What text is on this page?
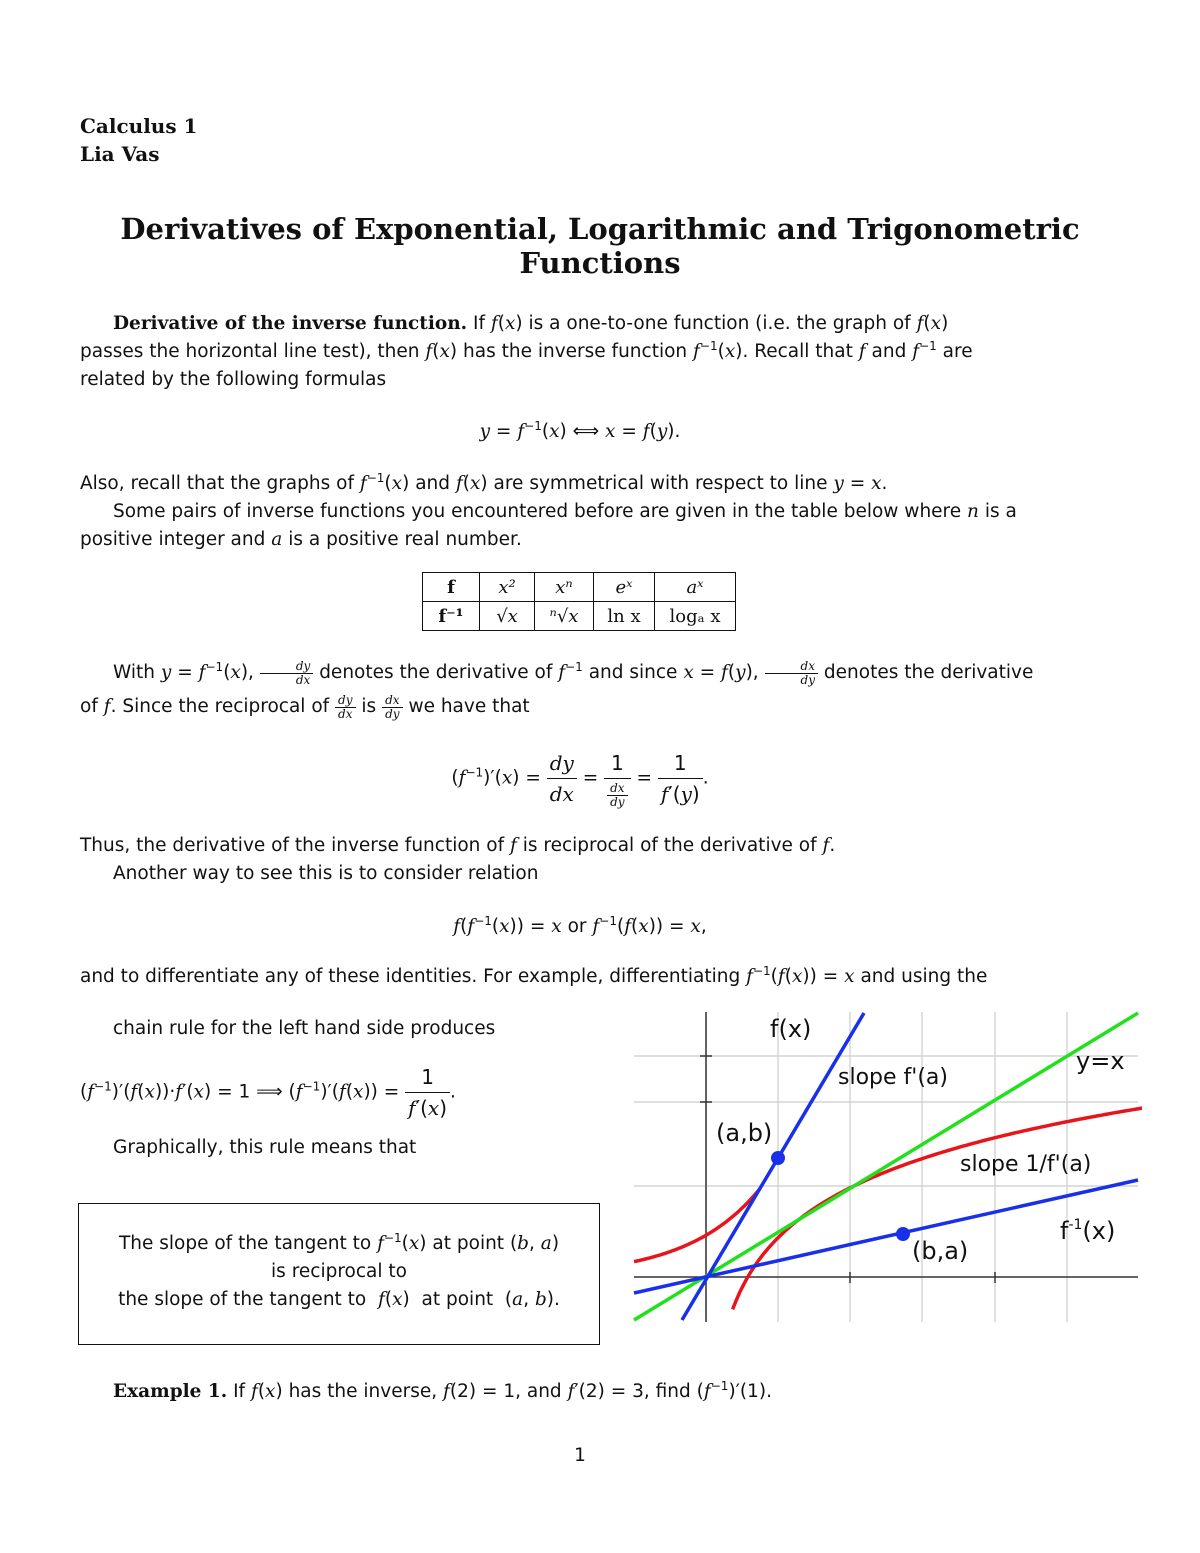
Calculus 1
Lia Vas
Derivatives of Exponential, Logarithmic and Trigonometric
Functions
Derivative of the inverse function. If f(x) is a one-to-one function (i.e. the graph of f(x)
passes the horizontal line test), then f(x) has the inverse function $f^{-1}(x)$. Recall that f and $f^{-1}$ are
related by the following formulas
$y = f^{-1}(x)$ ⟺ x = f(y).
Also, recall that the graphs of $f^{-1}(x)$ and f(x) are symmetrical with respect to line y = x.
Some pairs of inverse functions you encountered before are given in the table below where n is a
positive integer and a is a positive real number.
f	x²	xⁿ	eˣ	aˣ
f⁻¹	√x	ⁿ√x	ln x	logₐ x
With $y = f^{-1}(x)$, $\frac{dy}{dx}$ denotes the derivative of $f^{-1}$ and since x = f(y), $\frac{dx}{dy}$ denotes the derivative
of f. Since the reciprocal of $\frac{dy}{dx}$ is $\frac{dx}{dy}$ we have that
$(f^{-1})'(x) = \frac{dy}{dx} = \frac{1}{\frac{dx}{dy}} = \frac{1}{f'(y)}$ .
Thus, the derivative of the inverse function of f is reciprocal of the derivative of f.
Another way to see this is to consider relation
$f(f^{-1}(x)) = x$ or $f^{-1}(f(x)) = x$,
and to differentiate any of these identities. For example, differentiating $f^{-1}(f(x)) = x$ and using the
chain rule for the left hand side produces
$(f^{-1})'(f(x))\cdot f'(x) = 1$ ⟹ $(f^{-1})'(f(x)) = \frac{1}{f'(x)}$ .
Graphically, this rule means that
The slope of the tangent to $f^{-1}(x)$ at point (b, a)
is reciprocal to
the slope of the tangent to f(x)  at point  (a, b).
f(x)
y=x
slope f'(a)
(a,b)
slope 1/f'(a)
$f^{-1}(x)$
(b,a)
Example 1. If f(x) has the inverse, f(2) = 1, and f′(2) = 3, find $(f^{-1})'(1)$.
1
